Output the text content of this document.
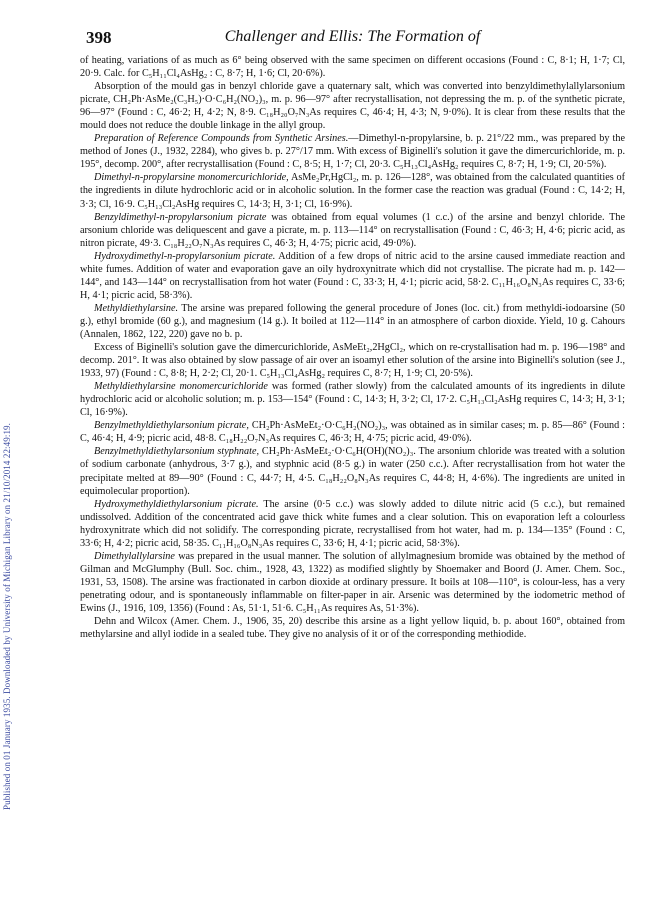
Published on 01 January 1935. Downloaded by University of Michigan Library on 21/10/2014 22:49:19.
398	Challenger and Ellis: The Formation of

of heating, variations of as much as 6° being observed with the same specimen on different occasions (Found : C, 8·1; H, 1·7; Cl, 20·9. Calc. for C₅H₁₁Cl₄AsHg₂ : C, 8·7; H, 1·6; Cl, 20·6%).

Absorption of the mould gas in benzyl chloride gave a quaternary salt, which was converted into benzyldimethylallylarsonium picrate, CH₂Ph·AsMe₂(C₃H₅)·O·C₆H₂(NO₂)₃, m. p. 96—97° after recrystallisation, not depressing the m. p. of the synthetic picrate, 96—97° (Found : C, 46·2; H, 4·2; N, 8·9. C₁₈H₂₀O₇N₃As requires C, 46·4; H, 4·3; N, 9·0%). It is clear from these results that the mould does not reduce the double linkage in the allyl group.

Preparation of Reference Compounds from Synthetic Arsines.—Dimethyl-n-propylarsine, b. p. 21°/22 mm., was prepared by the method of Jones (J., 1932, 2284), who gives b. p. 27°/17 mm. With excess of Biginelli's solution it gave the dimercurichloride, m. p. 195°, decomp. 200°, after recrystallisation (Found : C, 8·5; H, 1·7; Cl, 20·3. C₅H₁₃Cl₄AsHg₂ requires C, 8·7; H, 1·9; Cl, 20·5%).

Dimethyl-n-propylarsine monomercurichloride, AsMe₂Pr,HgCl₂, m. p. 126—128°, was obtained from the calculated quantities of the ingredients in dilute hydrochloric acid or in alcoholic solution. In the former case the reaction was gradual (Found : C, 14·2; H, 3·3; Cl, 16·9. C₅H₁₃Cl₂AsHg requires C, 14·3; H, 3·1; Cl, 16·9%).

Benzyldimethyl-n-propylarsonium picrate was obtained from equal volumes (1 c.c.) of the arsine and benzyl chloride. The arsonium chloride was deliquescent and gave a picrate, m. p. 113—114° on recrystallisation (Found : C, 46·3; H, 4·6; picric acid, as nitron picrate, 49·3. C₁₈H₂₂O₇N₃As requires C, 46·3; H, 4·75; picric acid, 49·0%).

Hydroxydimethyl-n-propylarsonium picrate. Addition of a few drops of nitric acid to the arsine caused immediate reaction and white fumes. Addition of water and evaporation gave an oily hydroxynitrate which did not crystallise. The picrate had m. p. 142—144°, and 143—144° on recrystallisation from hot water (Found : C, 33·3; H, 4·1; picric acid, 58·2. C₁₁H₁₆O₈N₃As requires C, 33·6; H, 4·1; picric acid, 58·3%).

Methyldiethylarsine. The arsine was prepared following the general procedure of Jones (loc. cit.) from methyldi-iodoarsine (50 g.), ethyl bromide (60 g.), and magnesium (14 g.). It boiled at 112—114° in an atmosphere of carbon dioxide. Yield, 10 g. Cahours (Annalen, 1862, 122, 220) gave no b. p.

Excess of Biginelli's solution gave the dimercurichloride, AsMeEt₂,2HgCl₂, which on re-crystallisation had m. p. 196—198° and decomp. 201°. It was also obtained by slow passage of air over an isoamyl ether solution of the arsine into Biginelli's solution (see J., 1933, 97) (Found : C, 8·8; H, 2·2; Cl, 20·1. C₅H₁₃Cl₄AsHg₂ requires C, 8·7; H, 1·9; Cl, 20·5%).

Methyldiethylarsine monomercurichloride was formed (rather slowly) from the calculated amounts of its ingredients in dilute hydrochloric acid or alcoholic solution; m. p. 153—154° (Found : C, 14·3; H, 3·2; Cl, 17·2. C₅H₁₃Cl₂AsHg requires C, 14·3; H, 3·1; Cl, 16·9%).

Benzylmethyldiethylarsonium picrate, CH₂Ph·AsMeEt₂·O·C₆H₂(NO₂)₃, was obtained as in similar cases; m. p. 85—86° (Found : C, 46·4; H, 4·9; picric acid, 48·8. C₁₈H₂₂O₇N₃As requires C, 46·3; H, 4·75; picric acid, 49·0%).

Benzylmethyldiethylarsonium styphnate, CH₂Ph·AsMeEt₂·O·C₆H(OH)(NO₂)₃. The arsonium chloride was treated with a solution of sodium carbonate (anhydrous, 3·7 g.), and styphnic acid (8·5 g.) in water (250 c.c.). After recrystallisation from hot water the precipitate melted at 89—90° (Found : C, 44·7; H, 4·5. C₁₈H₂₂O₈N₃As requires C, 44·8; H, 4·6%). The ingredients are united in equimolecular proportion).

Hydroxymethyldiethylarsonium picrate. The arsine (0·5 c.c.) was slowly added to dilute nitric acid (5 c.c.), but remained undissolved. Addition of the concentrated acid gave thick white fumes and a clear solution. This on evaporation left a colourless hydroxynitrate which did not solidify. The corresponding picrate, recrystallised from hot water, had m. p. 134—135° (Found : C, 33·6; H, 4·2; picric acid, 58·35. C₁₁H₁₆O₈N₃As requires C, 33·6; H, 4·1; picric acid, 58·3%).

Dimethylallylarsine was prepared in the usual manner. The solution of allylmagnesium bromide was obtained by the method of Gilman and McGlumphy (Bull. Soc. chim., 1928, 43, 1322) as modified slightly by Shoemaker and Boord (J. Amer. Chem. Soc., 1931, 53, 1508). The arsine was fractionated in carbon dioxide at ordinary pressure. It boils at 108—110°, is colour-less, has a very penetrating odour, and is spontaneously inflammable on filter-paper in air. Arsenic was determined by the iodometric method of Ewins (J., 1916, 109, 1356) (Found : As, 51·1, 51·6. C₅H₁₁As requires As, 51·3%).

Dehn and Wilcox (Amer. Chem. J., 1906, 35, 20) describe this arsine as a light yellow liquid, b. p. about 160°, obtained from methylarsine and allyl iodide in a sealed tube. They give no analysis of it or of the corresponding methiodide.
